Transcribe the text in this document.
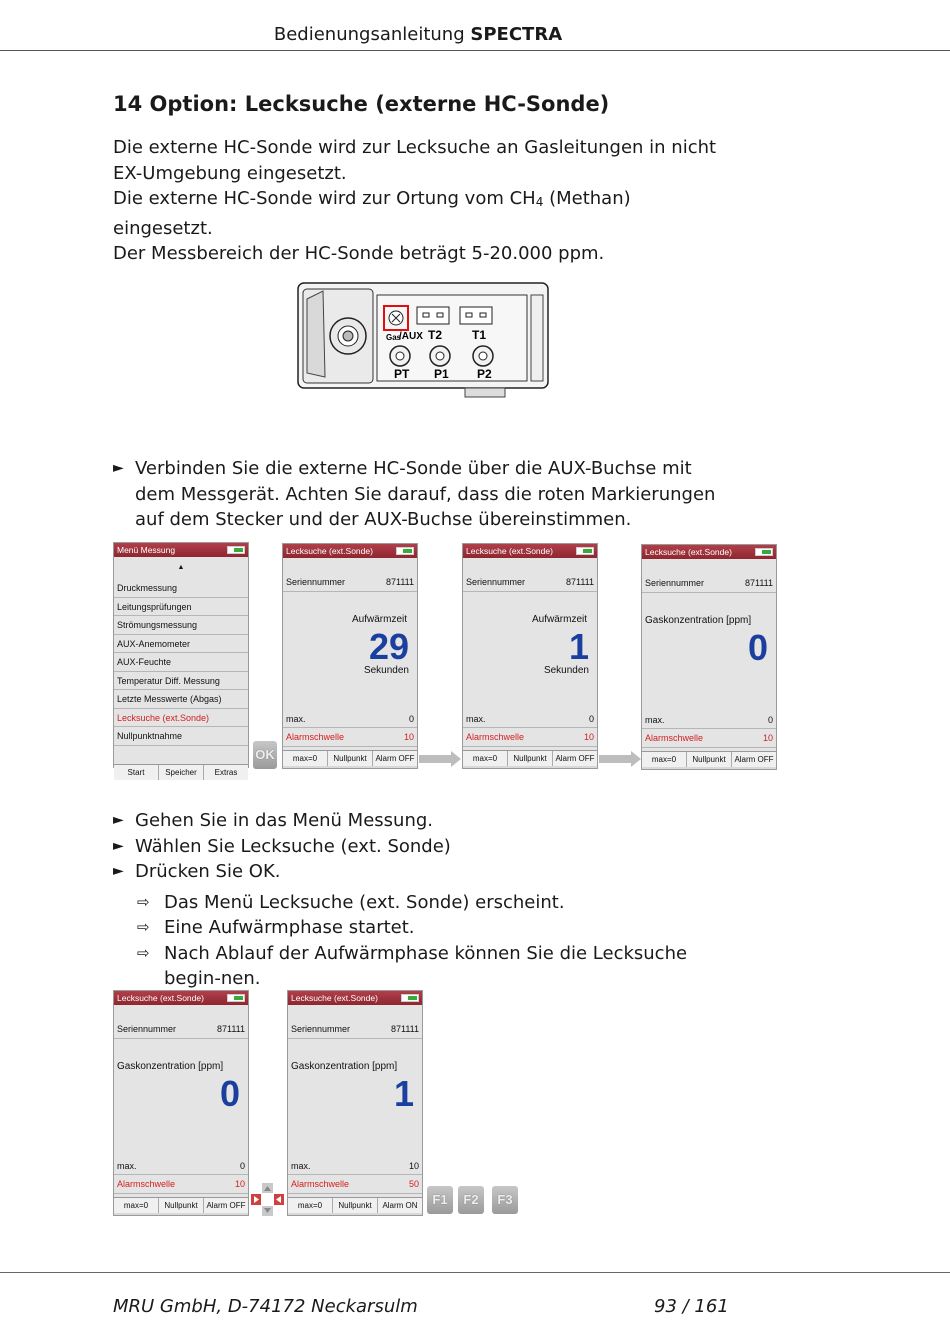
Bedienungsanleitung SPECTRA
14 Option: Lecksuche (externe HC-Sonde)

Die externe HC-Sonde wird zur Lecksuche an Gasleitungen in nicht EX-Umgebung eingesetzt.

Die externe HC-Sonde wird zur Ortung vom $CH_4$ (Methan) eingesetzt.

Der Messbereich der HC-Sonde beträgt 5-20.000 ppm.

Gas
/AUX T2 T1
PT P1 P2
► Verbinden Sie die externe HC-Sonde über die AUX-Buchse mit dem Messgerät. Achten Sie darauf, dass die roten Markierungen auf dem Stecker und der AUX-Buchse übereinstimmen.
Menü Messung
▲
Druckmessung
Leitungsprüfungen
Strömungsmessung
AUX-Anemometer
AUX-Feuchte
Temperatur Diff. Messung
Letzte Messwerte (Abgas)
Lecksuche (ext.Sonde)
Nullpunktnahme
Start	Speicher	Extras
OK
Lecksuche (ext.Sonde)
Seriennummer	871111
Aufwärmzeit
29
Sekunden
max.	0
Alarmschwelle	10
max=0	Nullpunkt	Alarm OFF
Lecksuche (ext.Sonde)
Seriennummer	871111
Aufwärmzeit
1
Sekunden
max.	0
Alarmschwelle	10
max=0	Nullpunkt	Alarm OFF
Lecksuche (ext.Sonde)
Seriennummer	871111
Gaskonzentration [ppm]
0
max.	0
Alarmschwelle	10
max=0	Nullpunkt	Alarm OFF
► Gehen Sie in das Menü Messung.
► Wählen Sie Lecksuche (ext. Sonde)
► Drücken Sie OK.
⇨ Das Menü Lecksuche (ext. Sonde) erscheint.
⇨ Eine Aufwärmphase startet.
⇨ Nach Ablauf der Aufwärmphase können Sie die Lecksuche begin-nen.
Lecksuche (ext.Sonde)
Seriennummer	871111
Gaskonzentration [ppm]
0
max.	0
Alarmschwelle	10
max=0	Nullpunkt	Alarm OFF
Lecksuche (ext.Sonde)
Seriennummer	871111
Gaskonzentration [ppm]
1
max.	10
Alarmschwelle	50
max=0	Nullpunkt	Alarm ON	F1	F2	F3
MRU GmbH, D-74172 Neckarsulm	93 / 161
